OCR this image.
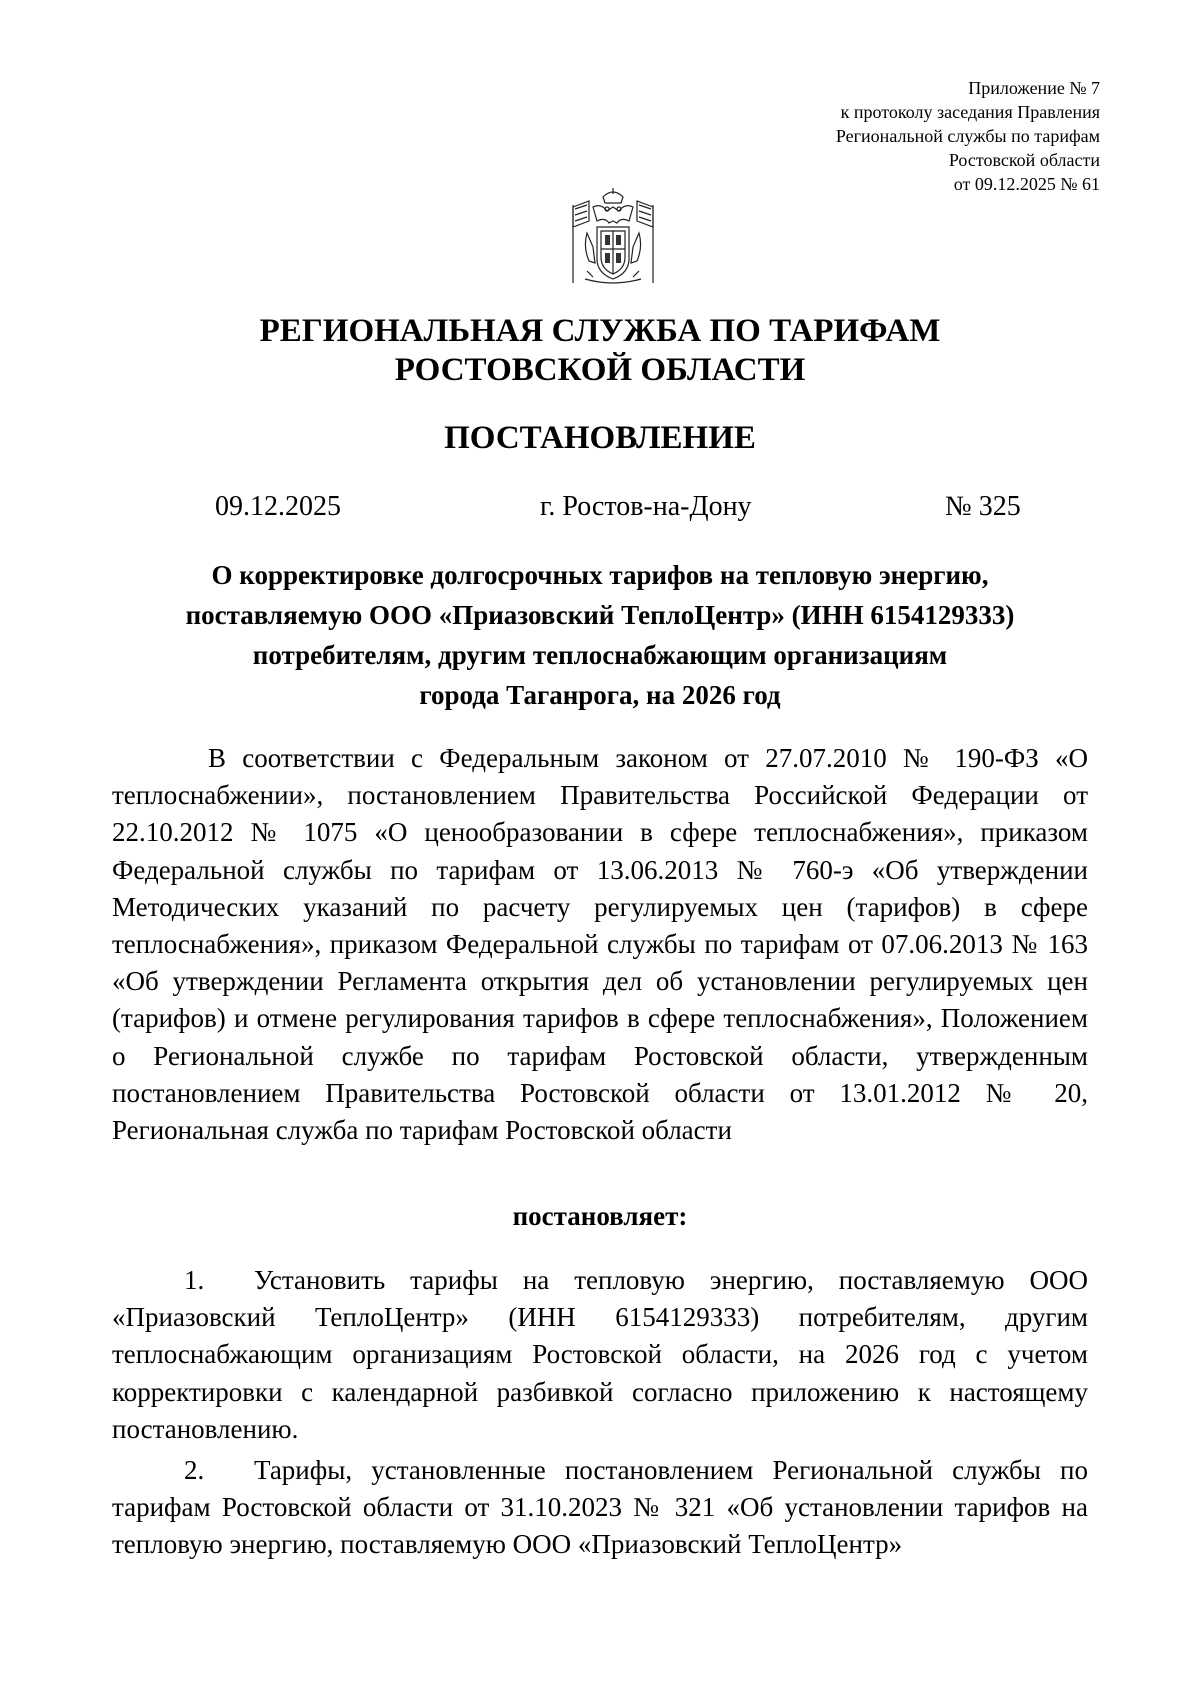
Приложение № 7
к протоколу заседания Правления
Региональной службы по тарифам
Ростовской области
от 09.12.2025 № 61
РЕГИОНАЛЬНАЯ СЛУЖБА ПО ТАРИФАМ
РОСТОВСКОЙ ОБЛАСТИ
ПОСТАНОВЛЕНИЕ
09.12.2025	г. Ростов-на-Дону	№ 325
О корректировке долгосрочных тарифов на тепловую энергию,
поставляемую ООО «Приазовский ТеплоЦентр» (ИНН 6154129333)
потребителям, другим теплоснабжающим организациям
города Таганрога, на 2026 год
В соответствии с Федеральным законом от 27.07.2010 № 190-ФЗ «О теплоснабжении», постановлением Правительства Российской Федерации от 22.10.2012 № 1075 «О ценообразовании в сфере теплоснабжения», приказом Федеральной службы по тарифам от 13.06.2013 № 760-э «Об утверждении Методических указаний по расчету регулируемых цен (тарифов) в сфере теплоснабжения», приказом Федеральной службы по тарифам от 07.06.2013 № 163 «Об утверждении Регламента открытия дел об установлении регулируемых цен (тарифов) и отмене регулирования тарифов в сфере теплоснабжения», Положением о Региональной службе по тарифам Ростовской области, утвержденным постановлением Правительства Ростовской области от 13.01.2012 № 20, Региональная служба по тарифам Ростовской области
постановляет:
1. Установить тарифы на тепловую энергию, поставляемую ООО «Приазовский ТеплоЦентр» (ИНН 6154129333) потребителям, другим теплоснабжающим организациям Ростовской области, на 2026 год с учетом корректировки с календарной разбивкой согласно приложению к настоящему постановлению.
2. Тарифы, установленные постановлением Региональной службы по тарифам Ростовской области от 31.10.2023 № 321 «Об установлении тарифов на тепловую энергию, поставляемую ООО «Приазовский ТеплоЦентр»
